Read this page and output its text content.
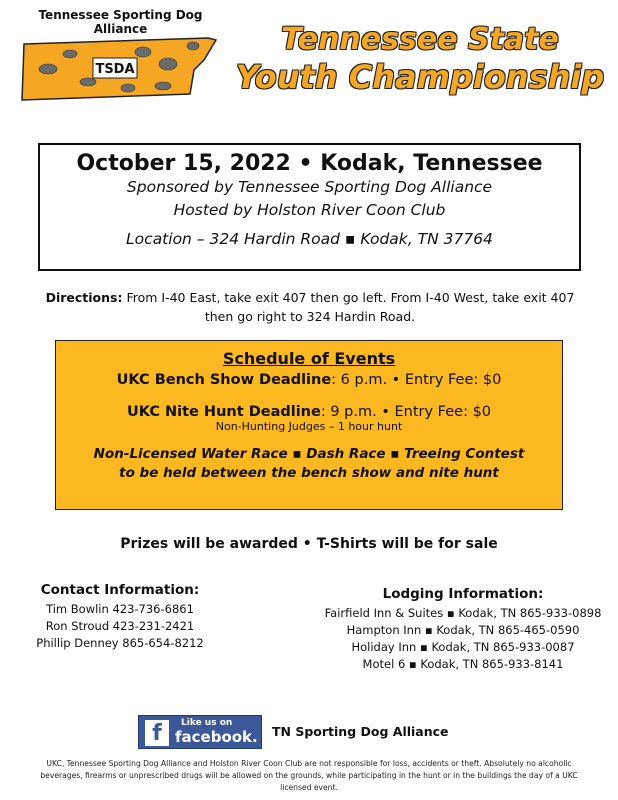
Tennessee Sporting Dog Alliance
TSDA
Tennessee State
Youth Championship
October 15, 2022 • Kodak, Tennessee
Sponsored by Tennessee Sporting Dog Alliance
Hosted by Holston River Coon Club
Location – 324 Hardin Road ▪ Kodak, TN 37764
Directions: From I-40 East, take exit 407 then go left. From I-40 West, take exit 407 then go right to 324 Hardin Road.
Schedule of Events
UKC Bench Show Deadline: 6 p.m. • Entry Fee: $0
UKC Nite Hunt Deadline: 9 p.m. • Entry Fee: $0
Non-Hunting Judges – 1 hour hunt
Non-Licensed Water Race ▪ Dash Race ▪ Treeing Contest
to be held between the bench show and nite hunt
Prizes will be awarded • T-Shirts will be for sale
Contact Information:
Tim Bowlin 423-736-6861
Ron Stroud 423-231-2421
Phillip Denney 865-654-8212
Lodging Information:
Fairfield Inn & Suites ▪ Kodak, TN 865-933-0898
Hampton Inn ▪ Kodak, TN 865-465-0590
Holiday Inn ▪ Kodak, TN 865-933-0087
Motel 6 ▪ Kodak, TN 865-933-8141
f	Like us on
facebook. TN Sporting Dog Alliance
UKC, Tennessee Sporting Dog Alliance and Holston River Coon Club are not responsible for loss, accidents or theft. Absolutely no alcoholic beverages, firearms or unprescribed drugs will be allowed on the grounds, while participating in the hunt or in the buildings the day of a UKC licensed event.
